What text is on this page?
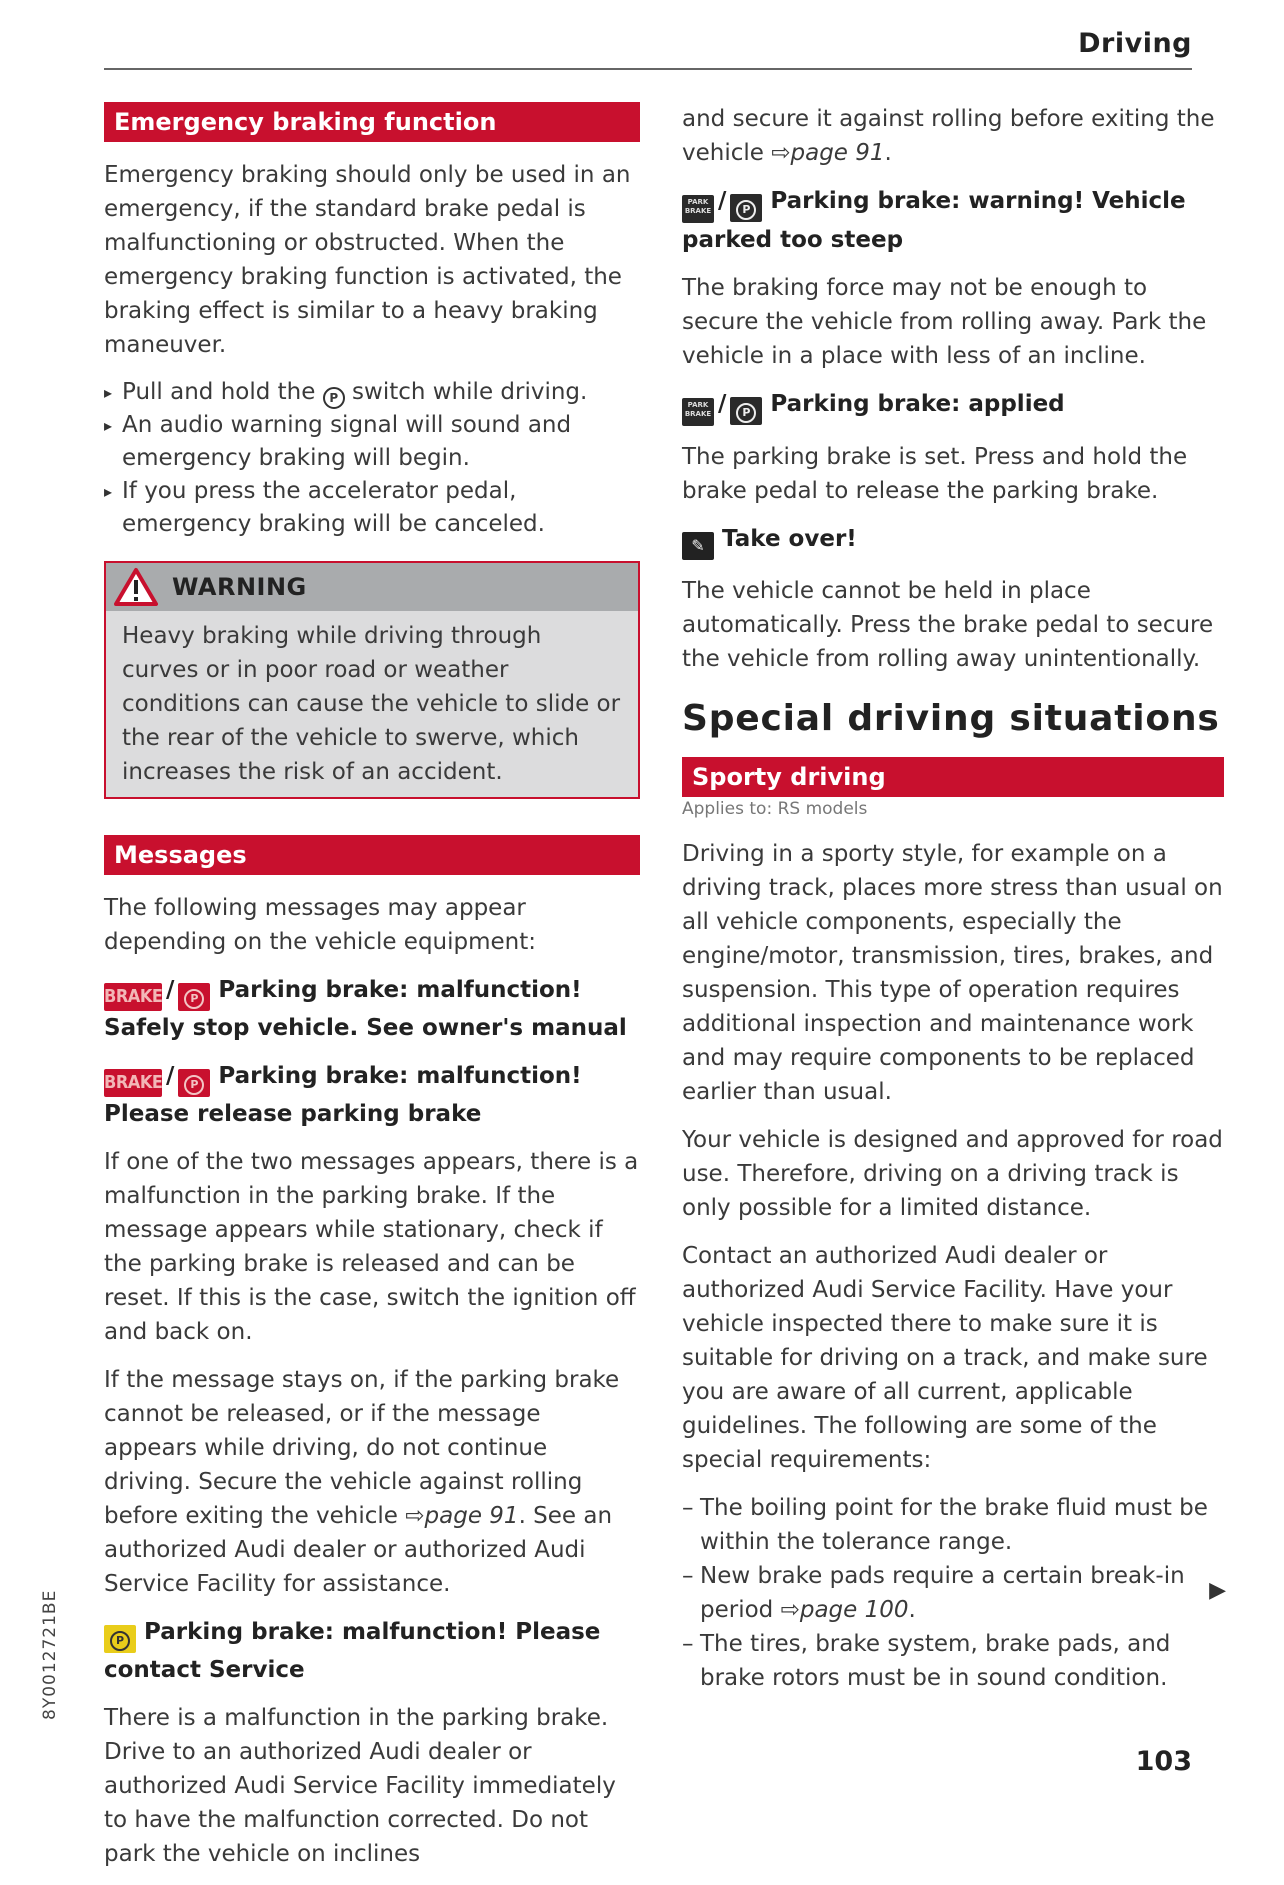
Driving
Emergency braking function

Emergency braking should only be used in an emergency, if the standard brake pedal is malfunctioning or obstructed. When the emergency braking function is activated, the braking effect is similar to a heavy braking maneuver.

▸ Pull and hold the P switch while driving.
▸ An audio warning signal will sound and emergency braking will begin.
▸ If you press the accelerator pedal, emergency braking will be canceled.
WARNING

Heavy braking while driving through curves or in poor road or weather conditions can cause the vehicle to slide or the rear of the vehicle to swerve, which increases the risk of an accident.

Messages

The following messages may appear depending on the vehicle equipment:

BRAKE / P Parking brake: malfunction! Safely stop vehicle. See owner's manual
BRAKE / P Parking brake: malfunction! Please release parking brake

If one of the two messages appears, there is a malfunction in the parking brake. If the message appears while stationary, check if the parking brake is released and can be reset. If this is the case, switch the ignition off and back on.

If the message stays on, if the parking brake cannot be released, or if the message appears while driving, do not continue driving. Secure the vehicle against rolling before exiting the vehicle ⇨page 91. See an authorized Audi dealer or authorized Audi Service Facility for assistance.

P Parking brake: malfunction! Please contact Service

There is a malfunction in the parking brake. Drive to an authorized Audi dealer or authorized Audi Service Facility immediately to have the malfunction corrected. Do not park the vehicle on inclines

and secure it against rolling before exiting the vehicle ⇨page 91.

PARK BRAKE / P Parking brake: warning! Vehicle parked too steep

The braking force may not be enough to secure the vehicle from rolling away. Park the vehicle in a place with less of an incline.

PARK BRAKE / P Parking brake: applied

The parking brake is set. Press and hold the brake pedal to release the parking brake.

✎ Take over!

The vehicle cannot be held in place automatically. Press the brake pedal to secure the vehicle from rolling away unintentionally.

Special driving situations
Sporty driving
Applies to: RS models

Driving in a sporty style, for example on a driving track, places more stress than usual on all vehicle components, especially the engine/motor, transmission, tires, brakes, and suspension. This type of operation requires additional inspection and maintenance work and may require components to be replaced earlier than usual.

Your vehicle is designed and approved for road use. Therefore, driving on a driving track is only possible for a limited distance.

Contact an authorized Audi dealer or authorized Audi Service Facility. Have your vehicle inspected there to make sure it is suitable for driving on a track, and make sure you are aware of all current, applicable guidelines. The following are some of the special requirements:

– The boiling point for the brake fluid must be within the tolerance range.
– New brake pads require a certain break-in period ⇨page 100.
– The tires, brake system, brake pads, and brake rotors must be in sound condition.
▶
8Y0012721BE
103
